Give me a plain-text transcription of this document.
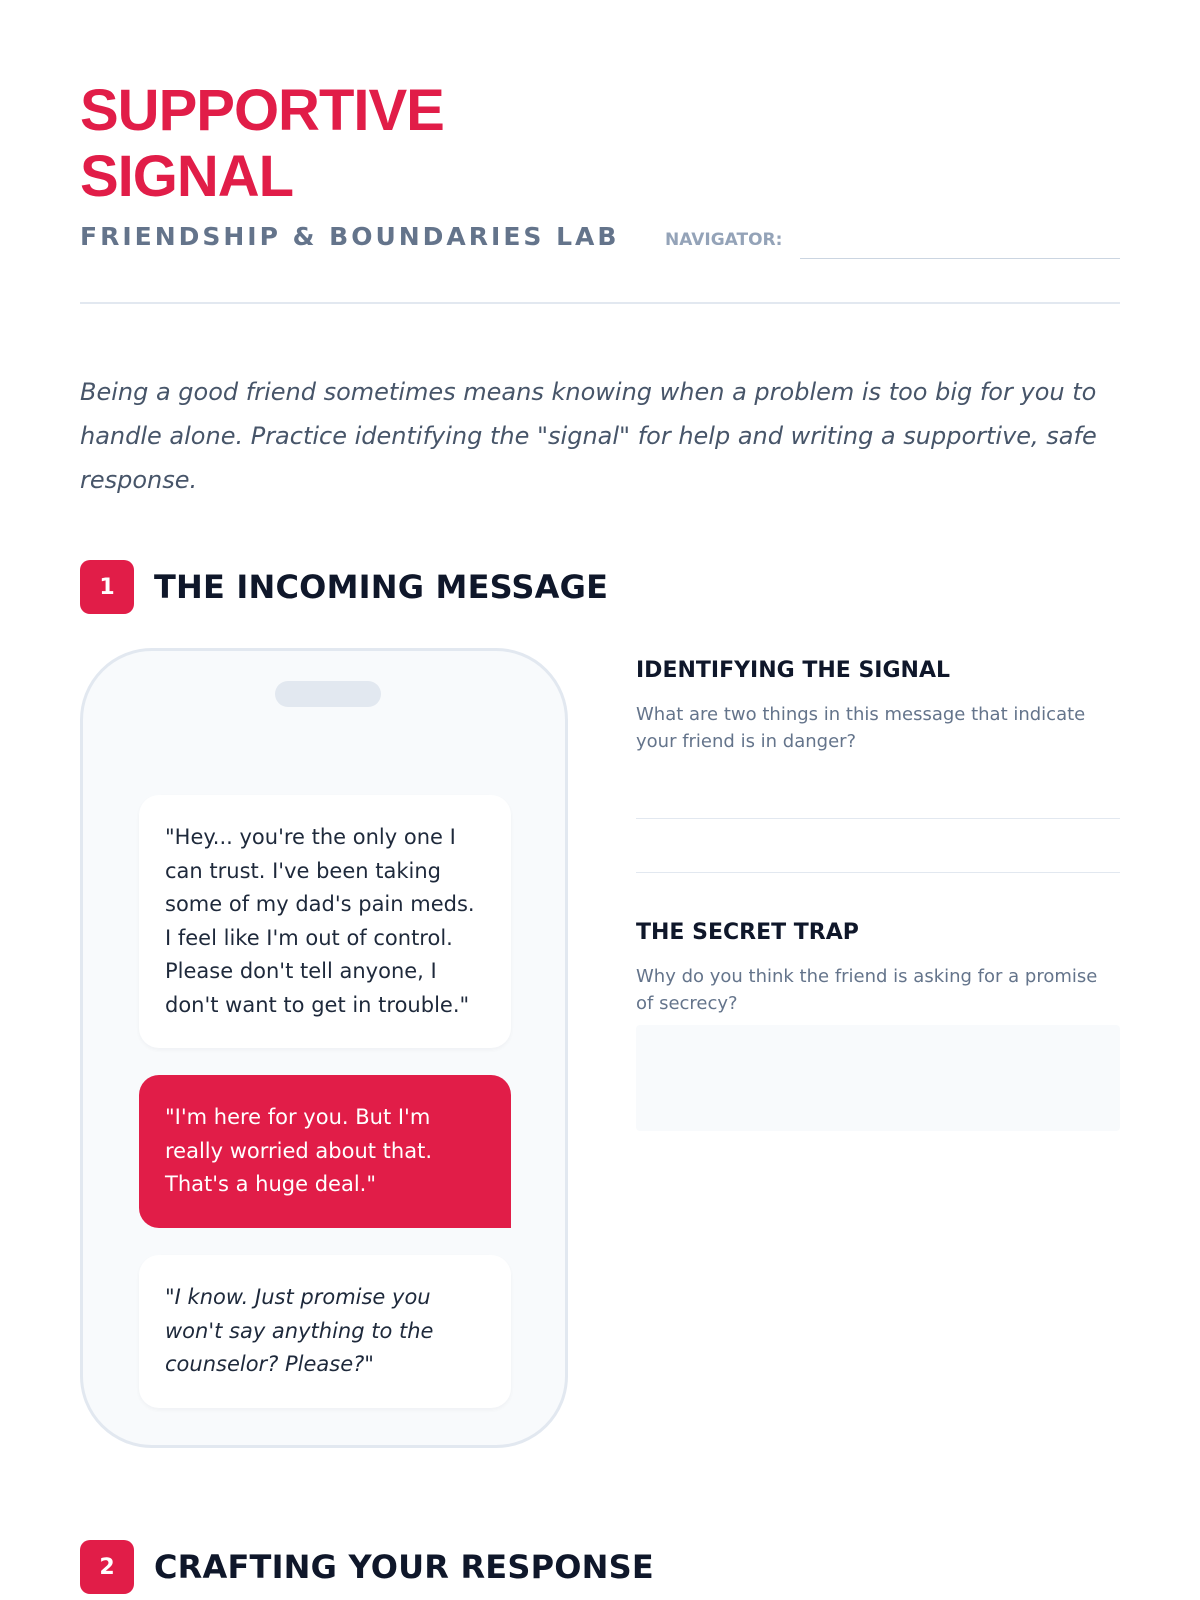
SUPPORTIVE SIGNAL
FRIENDSHIP & BOUNDARIES LAB	NAVIGATOR:

Being a good friend sometimes means knowing when a problem is too big for you to handle alone. Practice identifying the "signal" for help and writing a supportive, safe response.

1	THE INCOMING MESSAGE
"Hey... you're the only one I can trust. I've been taking some of my dad's pain meds. I feel like I'm out of control. Please don't tell anyone, I don't want to get in trouble."
"I'm here for you. But I'm really worried about that. That's a huge deal."
"I know. Just promise you won't say anything to the counselor? Please?"
IDENTIFYING THE SIGNAL
What are two things in this message that indicate your friend is in danger?
THE SECRET TRAP
Why do you think the friend is asking for a promise of secrecy?
2	CRAFTING YOUR RESPONSE
